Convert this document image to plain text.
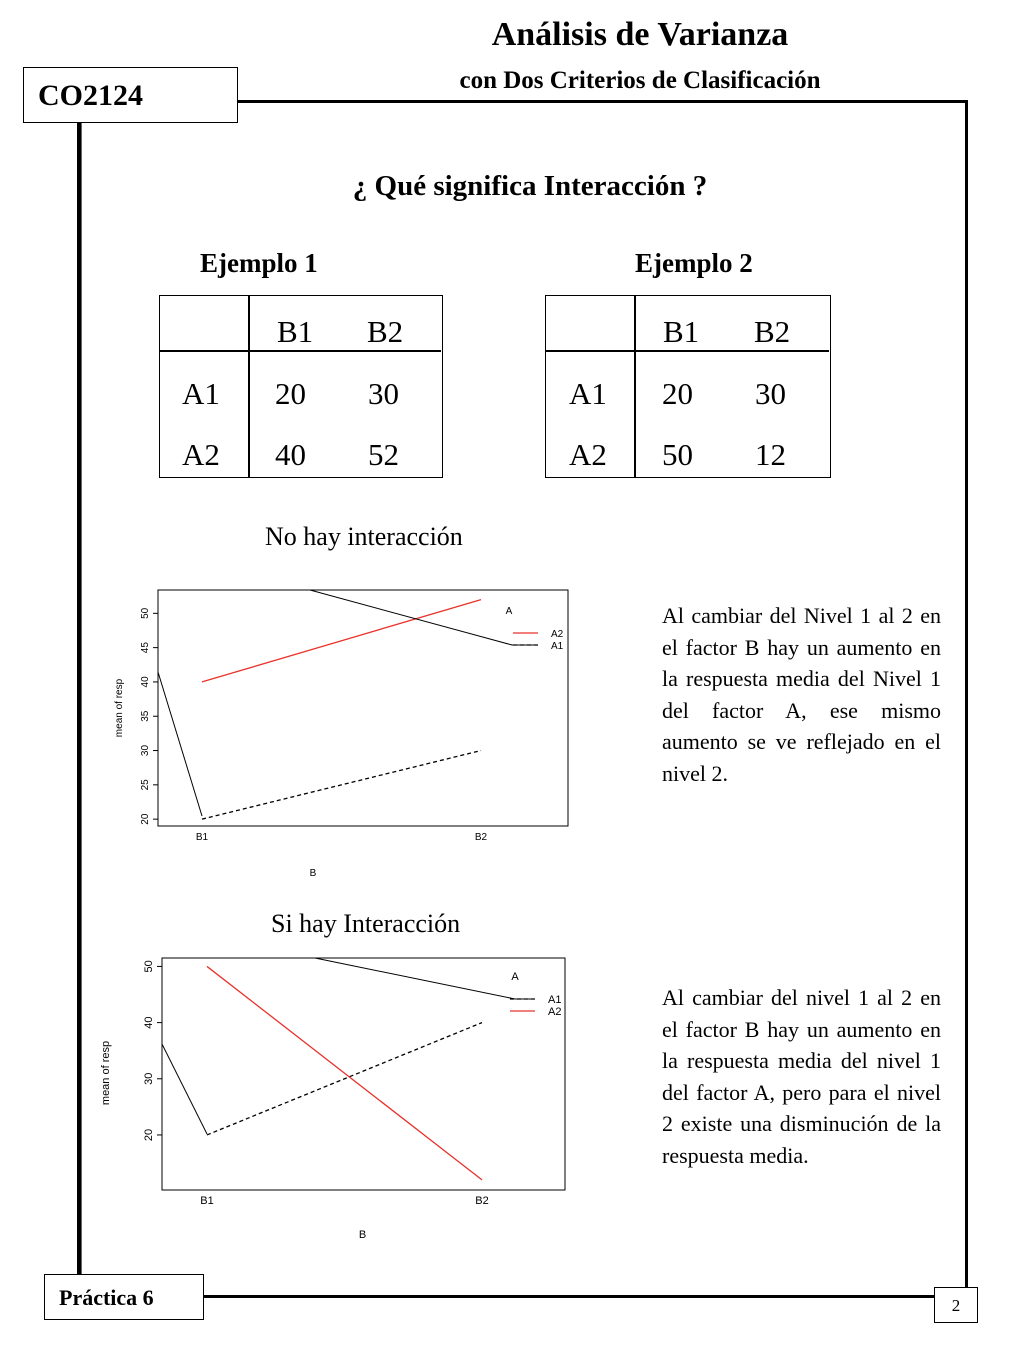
Análisis de Varianza
con Dos Criterios de Clasificación
CO2124
¿ Qué significa Interacción ?
Ejemplo 1	Ejemplo 2
B1 B2
A1 20 30
A2 40 52
B1 B2
A1 20 30
A2 50 12
No hay interacción
20
25
30
35
40
45
50
B1	B2
B
mean of resp
A
A2
A1
Al cambiar del Nivel 1 al 2 en el factor B hay un aumento en la respuesta media del Nivel 1 del factor A, ese mismo aumento se ve reflejado en el nivel 2.
Si hay Interacción
20
30
40
50
B1	B2
B
mean of resp
A
A1
A2
Al cambiar del nivel 1 al 2 en el factor B hay un aumento en la respuesta media del nivel 1 del factor A, pero para el nivel 2 existe una disminución de la respuesta media.
Práctica 6	2
